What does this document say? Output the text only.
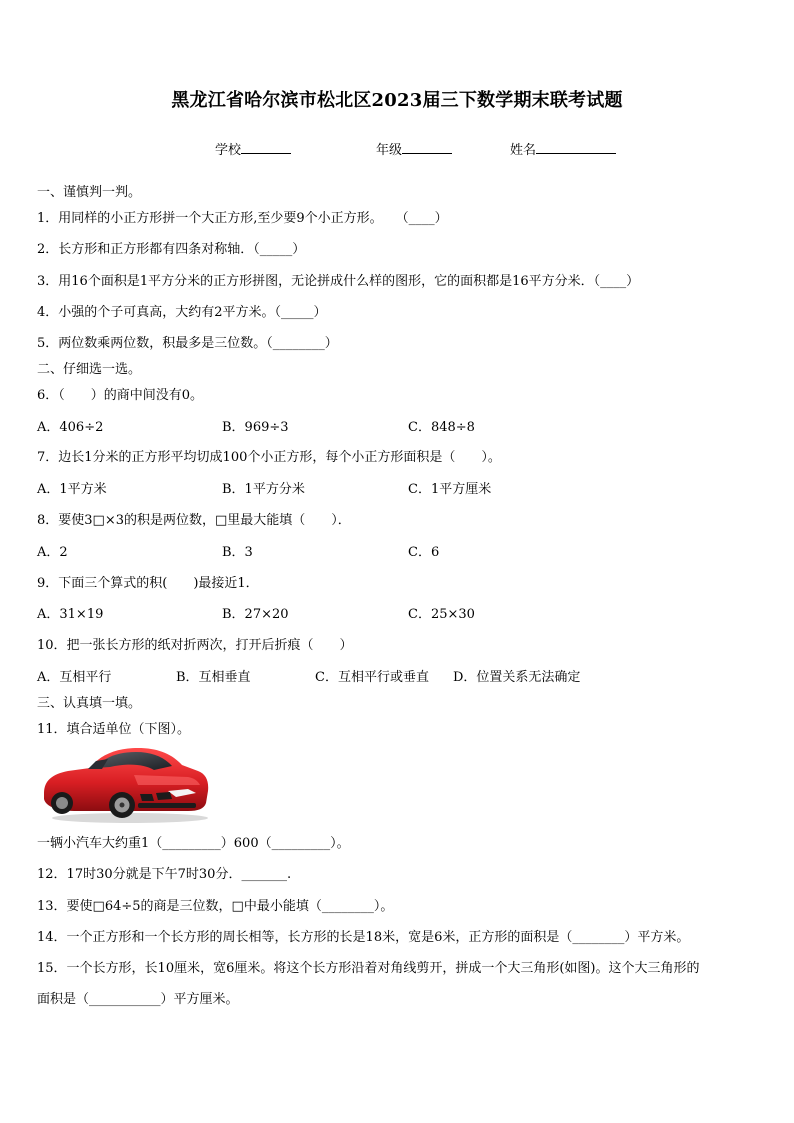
黑龙江省哈尔滨市松北区2023届三下数学期末联考试题
学校	年级	姓名
一、谨慎判一判。
1．用同样的小正方形拼一个大正方形,至少要9个小正方形。　　（____）
2．长方形和正方形都有四条对称轴．（_____）
3．用16个面积是1平方分米的正方形拼图，无论拼成什么样的图形，它的面积都是16平方分米．（____）
4．小强的个子可真高，大约有2平方米。（_____）
5．两位数乘两位数，积最多是三位数。（________）
二、仔细选一选。
6．（　　）的商中间没有0。
A．406÷2	B．969÷3	C．848÷8
7．边长1分米的正方形平均切成100个小正方形，每个小正方形面积是（　　）。
A．1平方米	B．1平方分米	C．1平方厘米
8．要使3□×3的积是两位数，□里最大能填（　　）．
A．2	B．3	C．6
9．下面三个算式的积(　　)最接近1．
A．31×19	B．27×20	C．25×30
10．把一张长方形的纸对折两次，打开后折痕（　　）
A．互相平行	B．互相垂直	C．互相平行或垂直 D．位置关系无法确定
三、认真填一填。
11．填合适单位（下图）。
一辆小汽车大约重1（_________）600（_________）。
12．17时30分就是下午7时30分．_______.
13．要使□64÷5的商是三位数，□中最小能填（________）。
14．一个正方形和一个长方形的周长相等，长方形的长是18米，宽是6米，正方形的面积是（________）平方米。
15．一个长方形，长10厘米，宽6厘米。将这个长方形沿着对角线剪开，拼成一个大三角形(如图)。这个大三角形的
面积是（___________）平方厘米。
